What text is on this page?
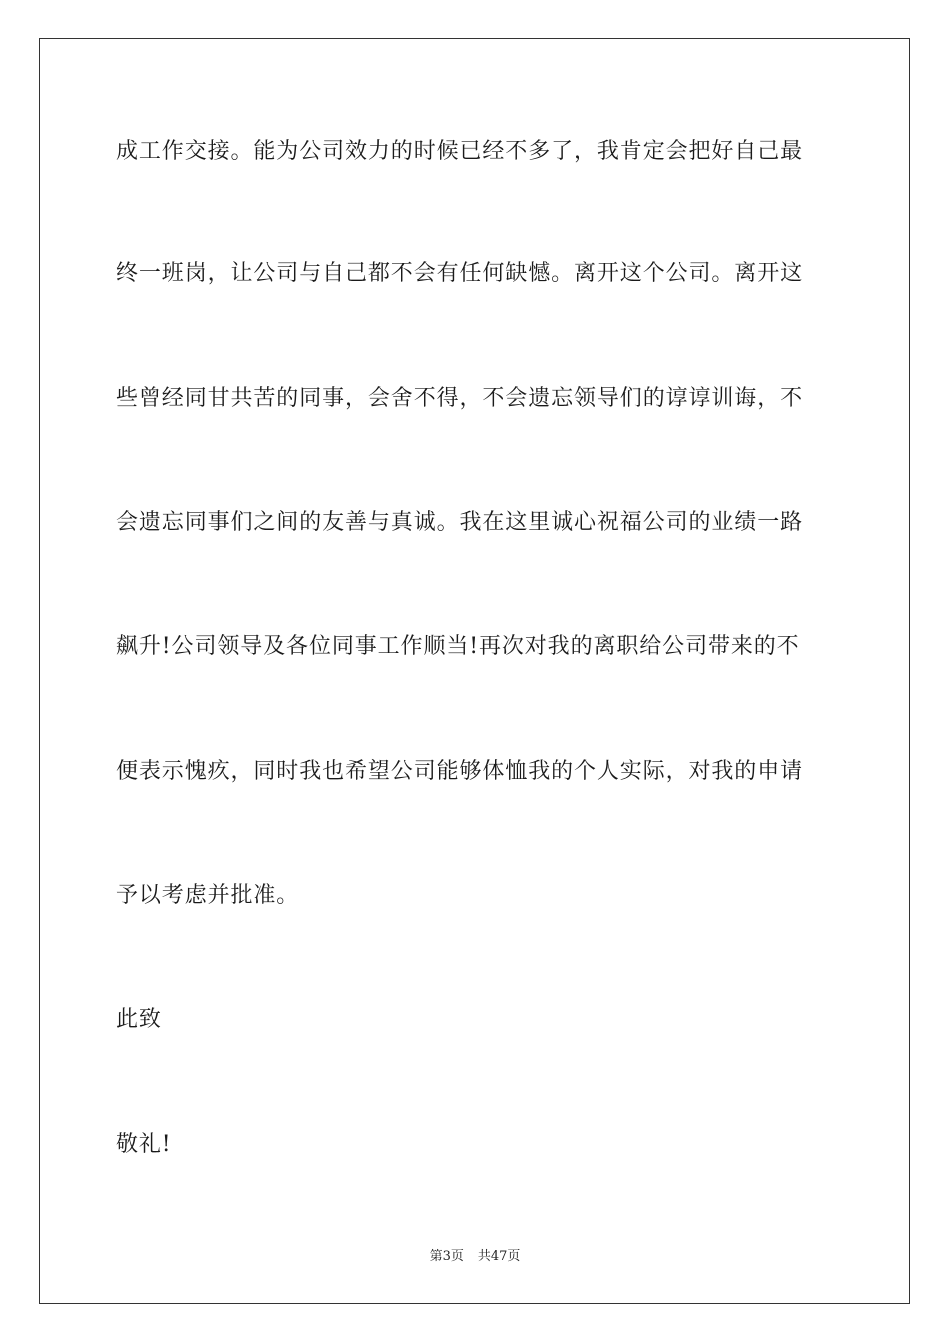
成工作交接。能为公司效力的时候已经不多了，我肯定会把好自己最

终一班岗，让公司与自己都不会有任何缺憾。离开这个公司。离开这

些曾经同甘共苦的同事，会舍不得，不会遗忘领导们的谆谆训诲，不

会遗忘同事们之间的友善与真诚。我在这里诚心祝福公司的业绩一路

飙升!公司领导及各位同事工作顺当!再次对我的离职给公司带来的不

便表示愧疚，同时我也希望公司能够体恤我的个人实际，对我的申请

予以考虑并批准。

此致

敬礼!

第3页 共47页
